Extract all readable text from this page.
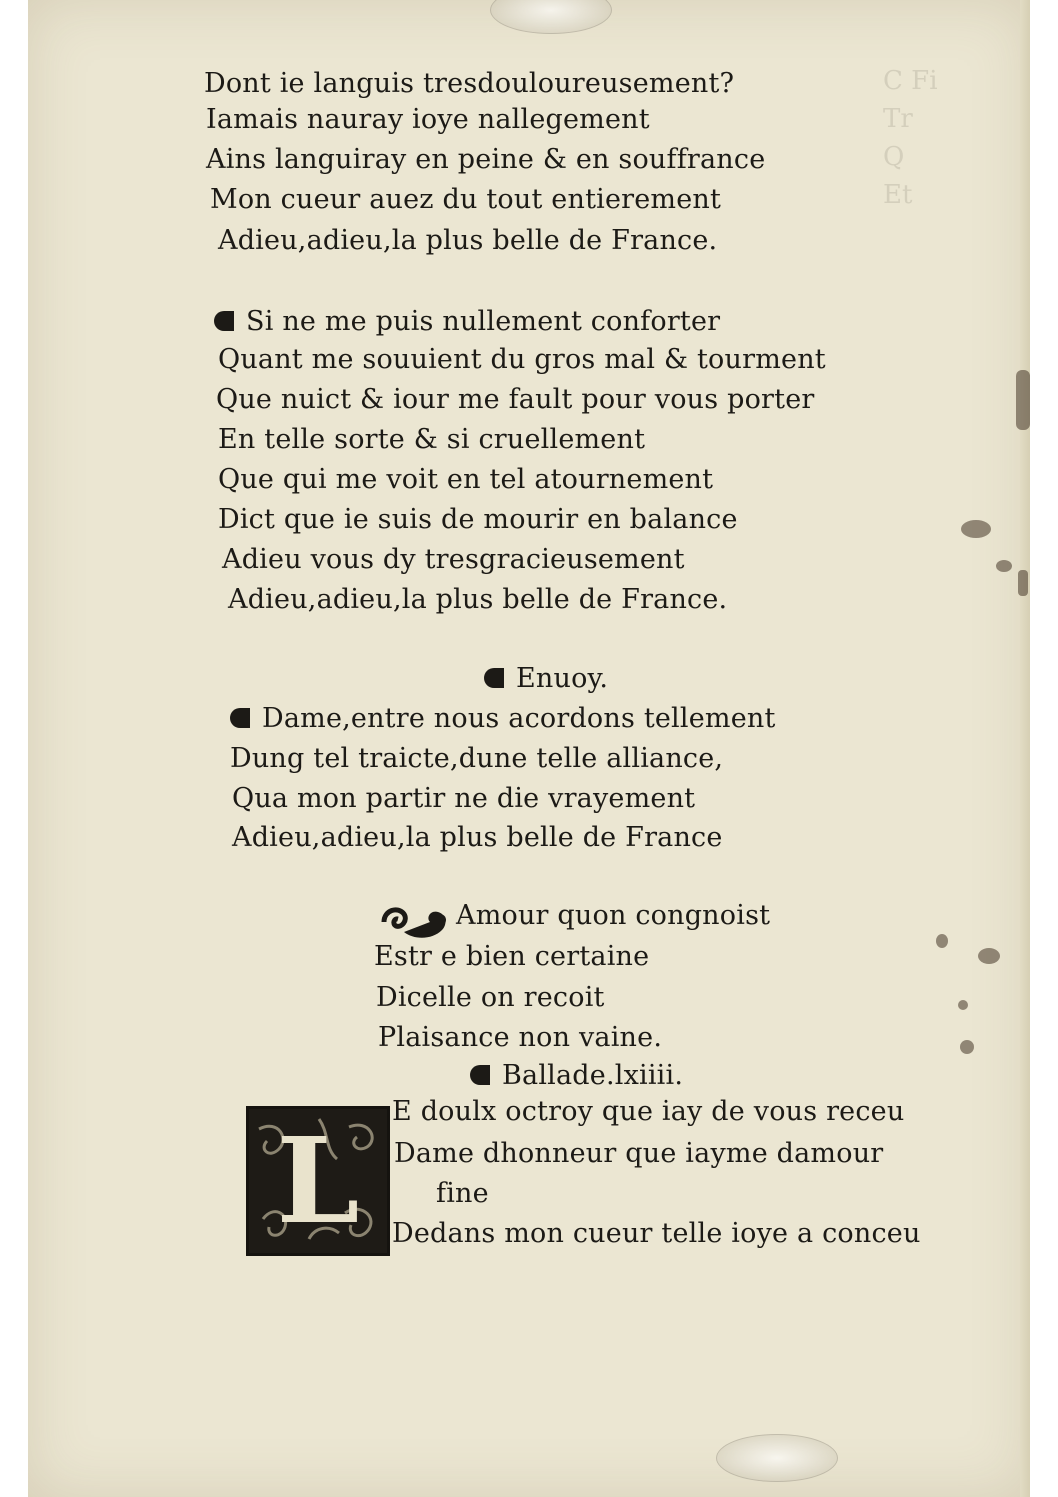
C Fi
Tr
Q
Et
Dont ie languis tresdouloureusement?
Iamais nauray ioye nallegement
Ains languiray en peine & en souffrance
Mon cueur auez du tout entierement
Adieu,adieu,la plus belle de France.
Si ne me puis nullement conforter
Quant me souuient du gros mal & tourment
Que nuict & iour me fault pour vous porter
En telle sorte & si cruellement
Que qui me voit en tel atournement
Dict que ie suis de mourir en balance
Adieu vous dy tresgracieusement
Adieu,adieu,la plus belle de France.
Enuoy.
Dame,entre nous acordons tellement
Dung tel traicte,dune telle alliance,
Qua mon partir ne die vrayement
Adieu,adieu,la plus belle de France
Amour quon congnoist
Estr e bien certaine
Dicelle on recoit
Plaisance non vaine.
Ballade.lxiiii.
L	E doulx octroy que iay de vous receu
Dame dhonneur que iayme damour
fine
Dedans mon cueur telle ioye a conceu
